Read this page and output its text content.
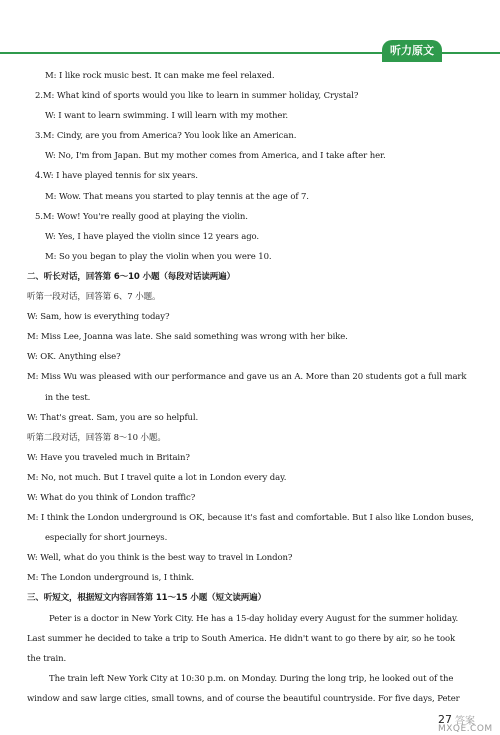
听力原文
M: I like rock music best. It can make me feel relaxed.
2.M: What kind of sports would you like to learn in summer holiday, Crystal?
W: I want to learn swimming. I will learn with my mother.
3.M: Cindy, are you from America? You look like an American.
W: No, I'm from Japan. But my mother comes from America, and I take after her.
4.W: I have played tennis for six years.
M: Wow. That means you started to play tennis at the age of 7.
5.M: Wow! You're really good at playing the violin.
W: Yes, I have played the violin since 12 years ago.
M: So you began to play the violin when you were 10.
二、听长对话，回答第 6～10 小题（每段对话读两遍）
听第一段对话，回答第 6、7 小题。
W: Sam, how is everything today?
M: Miss Lee, Joanna was late. She said something was wrong with her bike.
W: OK. Anything else?
M: Miss Wu was pleased with our performance and gave us an A. More than 20 students got a full mark
in the test.
W: That's great. Sam, you are so helpful.
听第二段对话，回答第 8～10 小题。
W: Have you traveled much in Britain?
M: No, not much. But I travel quite a lot in London every day.
W: What do you think of London traffic?
M: I think the London underground is OK, because it's fast and comfortable. But I also like London buses,
especially for short journeys.
W: Well, what do you think is the best way to travel in London?
M: The London underground is, I think.
三、听短文，根据短文内容回答第 11～15 小题（短文读两遍）
Peter is a doctor in New York City. He has a 15-day holiday every August for the summer holiday. Last summer he decided to take a trip to South America. He didn't want to go there by air, so he took the train.
The train left New York City at 10:30 p.m. on Monday. During the long trip, he looked out of the window and saw large cities, small towns, and of course the beautiful countryside. For five days, Peter
27 答案
MXQE.COM
